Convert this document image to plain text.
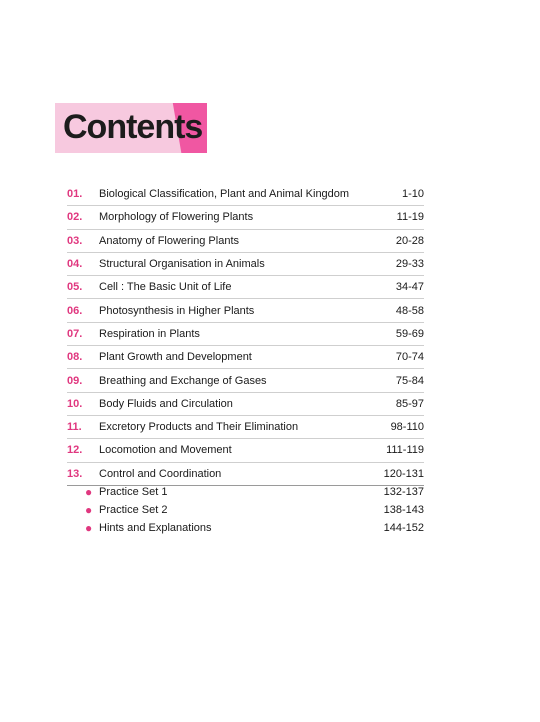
Contents
01.	Biological Classification, Plant and Animal Kingdom	1-10
02.	Morphology of Flowering Plants	11-19
03.	Anatomy of Flowering Plants	20-28
04.	Structural Organisation in Animals	29-33
05.	Cell : The Basic Unit of Life	34-47
06.	Photosynthesis in Higher Plants	48-58
07.	Respiration in Plants	59-69
08.	Plant Growth and Development	70-74
09.	Breathing and Exchange of Gases	75-84
10.	Body Fluids and Circulation	85-97
11.	Excretory Products and Their Elimination	98-110
12.	Locomotion and Movement	111-119
13.	Control and Coordination	120-131
● Practice Set 1	132-137
● Practice Set 2	138-143
● Hints and Explanations	144-152
